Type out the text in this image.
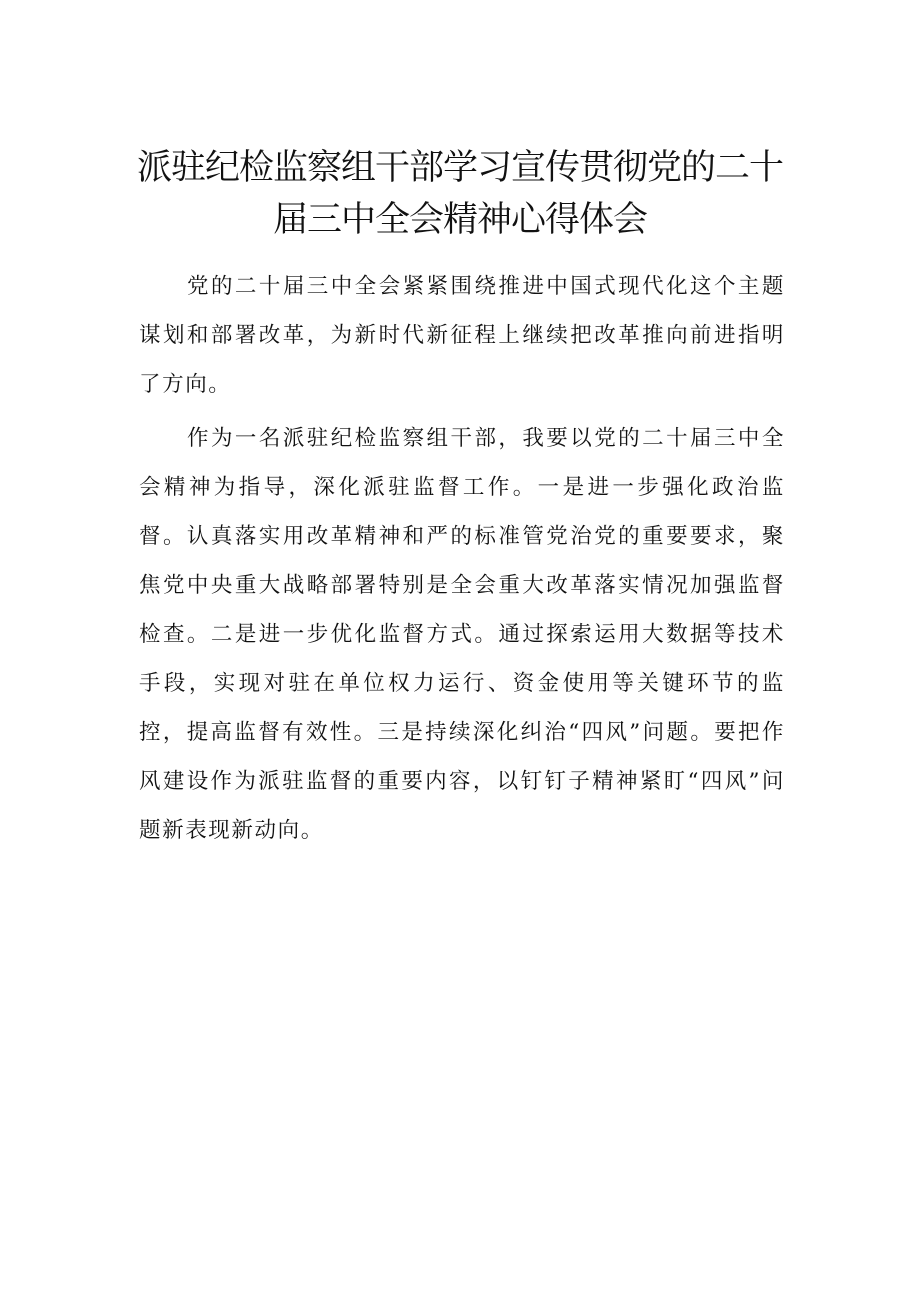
派驻纪检监察组干部学习宣传贯彻党的二十
届三中全会精神心得体会

党的二十届三中全会紧紧围绕推进中国式现代化这个主题谋划和部署改革，为新时代新征程上继续把改革推向前进指明了方向。

作为一名派驻纪检监察组干部，我要以党的二十届三中全会精神为指导，深化派驻监督工作。一是进一步强化政治监督。认真落实用改革精神和严的标准管党治党的重要要求，聚焦党中央重大战略部署特别是全会重大改革落实情况加强监督检查。二是进一步优化监督方式。通过探索运用大数据等技术手段，实现对驻在单位权力运行、资金使用等关键环节的监控，提高监督有效性。三是持续深化纠治“四风”问题。要把作风建设作为派驻监督的重要内容，以钉钉子精神紧盯“四风”问题新表现新动向。
